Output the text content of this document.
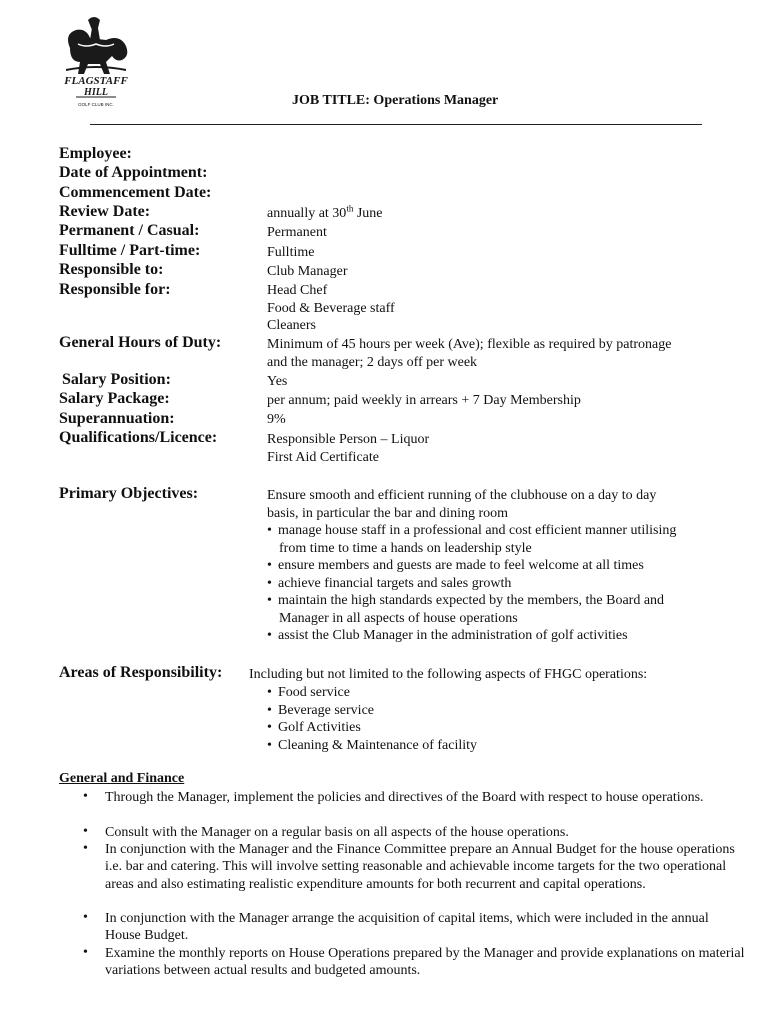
FLAGSTAFF
HILL
GOLF CLUB INC.	JOB TITLE: Operations Manager
Employee:
Date of Appointment:
Commencement Date:
Review Date:	annually at 30th June
Permanent / Casual:	Permanent
Fulltime / Part-time:	Fulltime
Responsible to:	Club Manager
Responsible for:	Head Chef
Food & Beverage staff
Cleaners
General Hours of Duty:	Minimum of 45 hours per week (Ave); flexible as required by patronage
and the manager; 2 days off per week
Salary Position:	Yes
Salary Package:	per annum; paid weekly in arrears + 7 Day Membership
Superannuation:	9%
Qualifications/Licence:	Responsible Person – Liquor
First Aid Certificate
Primary Objectives:	Ensure smooth and efficient running of the clubhouse on a day to day
basis, in particular the bar and dining room
• manage house staff in a professional and cost efficient manner utilising
from time to time a hands on leadership style
• ensure members and guests are made to feel welcome at all times
• achieve financial targets and sales growth
• maintain the high standards expected by the members, the Board and
Manager in all aspects of house operations
• assist the Club Manager in the administration of golf activities
Areas of Responsibility: Including but not limited to the following aspects of FHGC operations:
• Food service
• Beverage service
• Golf Activities
• Cleaning & Maintenance of facility
General and Finance
• Through the Manager, implement the policies and directives of the Board with respect to house operations.
• Consult with the Manager on a regular basis on all aspects of the house operations.
• In conjunction with the Manager and the Finance Committee prepare an Annual Budget for the house operations i.e. bar and catering. This will involve setting reasonable and achievable income targets for the two operational areas and also estimating realistic expenditure amounts for both recurrent and capital operations.
• In conjunction with the Manager arrange the acquisition of capital items, which were included in the annual House Budget.
• Examine the monthly reports on House Operations prepared by the Manager and provide explanations on material variations between actual results and budgeted amounts.
